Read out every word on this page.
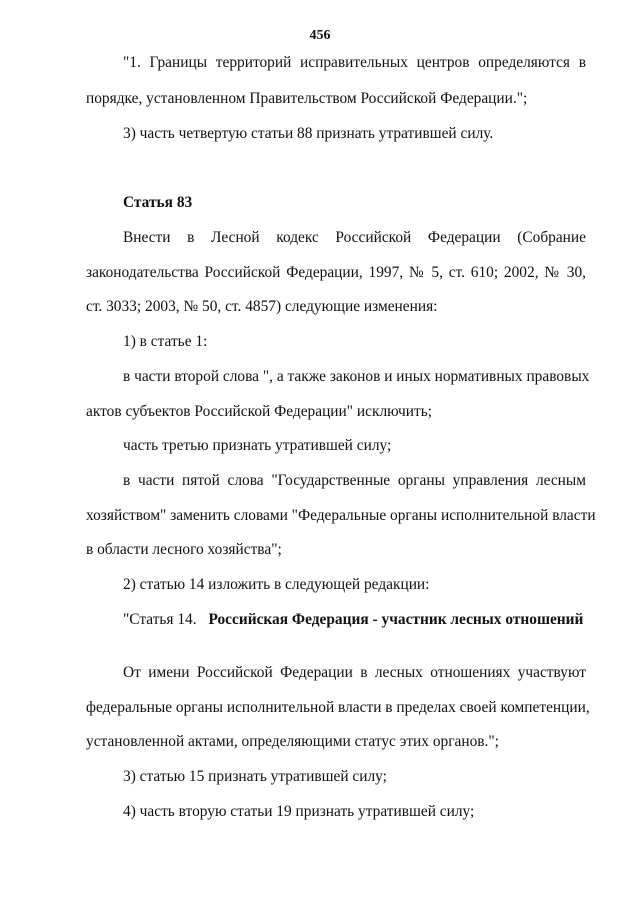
456
"1. Границы территорий исправительных центров определяются в
порядке, установленном Правительством Российской Федерации.";
3) часть четвертую статьи 88 признать утратившей силу.
Статья 83
Внести в Лесной кодекс Российской Федерации (Собрание
законодательства Российской Федерации, 1997, № 5, ст. 610; 2002, № 30,
ст. 3033; 2003, № 50, ст. 4857) следующие изменения:
1) в статье 1:
в части второй слова ", а также законов и иных нормативных правовых
актов субъектов Российской Федерации" исключить;
часть третью признать утратившей силу;
в части пятой слова "Государственные органы управления лесным
хозяйством" заменить словами "Федеральные органы исполнительной власти
в области лесного хозяйства";
2) статью 14 изложить в следующей редакции:
"Статья 14. Российская Федерация - участник лесных отношений
От имени Российской Федерации в лесных отношениях участвуют
федеральные органы исполнительной власти в пределах своей компетенции,
установленной актами, определяющими статус этих органов.";
3) статью 15 признать утратившей силу;
4) часть вторую статьи 19 признать утратившей силу;
